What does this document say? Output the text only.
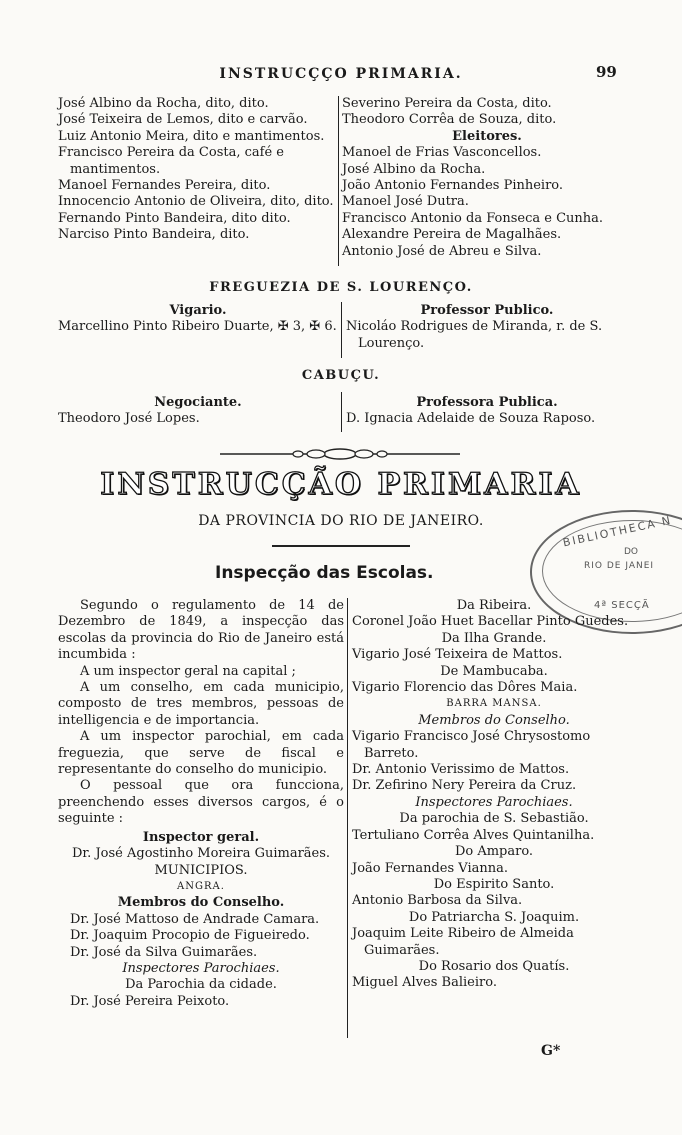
INSTRUCÇÇO PRIMARIA.	99

José Albino da Rocha, dito, dito.

José Teixeira de Lemos, dito e carvão.

Luiz Antonio Meira, dito e mantimentos.

Francisco Pereira da Costa, café e mantimentos.

Manoel Fernandes Pereira, dito.

Innocencio Antonio de Oliveira, dito, dito.

Fernando Pinto Bandeira, dito dito.

Narciso Pinto Bandeira, dito.

Severino Pereira da Costa, dito.

Theodoro Corrêa de Souza, dito.

Eleitores.

Manoel de Frias Vasconcellos.

José Albino da Rocha.

João Antonio Fernandes Pinheiro.

Manoel José Dutra.

Francisco Antonio da Fonseca e Cunha.

Alexandre Pereira de Magalhães.

Antonio José de Abreu e Silva.

FREGUEZIA DE S. LOURENÇO.

Vigario.

Marcellino Pinto Ribeiro Duarte, ✠ 3, ✠ 6.

Professor Publico.

Nicoláo Rodrigues de Miranda, r. de S. Lourenço.

CABUÇU.

Negociante.

Theodoro José Lopes.

Professora Publica.

D. Ignacia Adelaide de Souza Raposo.

INSTRUCÇÃO PRIMARIA
DA PROVINCIA DO RIO DE JANEIRO.
Inspecção das Escolas.
BIBLIOTHECA N
DO
RIO DE JANEI
4ª SECÇÃ

Segundo o regulamento de 14 de Dezembro de 1849, a inspecção das escolas da provincia do Rio de Janeiro está incumbida :

A um inspector geral na capital ;

A um conselho, em cada municipio, composto de tres membros, pessoas de intelligencia e de importancia.

A um inspector parochial, em cada freguezia, que serve de fiscal e representante do conselho do municipio.

O pessoal que ora funcciona, preenchendo esses diversos cargos, é o seguinte :

Inspector geral.

Dr. José Agostinho Moreira Guimarães.

MUNICIPIOS.

ANGRA.

Membros do Conselho.

Dr. José Mattoso de Andrade Camara.

Dr. Joaquim Procopio de Figueiredo.

Dr. José da Silva Guimarães.

Inspectores Parochiaes.

Da Parochia da cidade.

Dr. José Pereira Peixoto.

Da Ribeira.

Coronel João Huet Bacellar Pinto Guedes.

Da Ilha Grande.

Vigario José Teixeira de Mattos.

De Mambucaba.

Vigario Florencio das Dôres Maia.

BARRA MANSA.

Membros do Conselho.

Vigario Francisco José Chrysostomo Barreto.

Dr. Antonio Verissimo de Mattos.

Dr. Zefirino Nery Pereira da Cruz.

Inspectores Parochiaes.

Da parochia de S. Sebastião.

Tertuliano Corrêa Alves Quintanilha.

Do Amparo.

João Fernandes Vianna.

Do Espirito Santo.

Antonio Barbosa da Silva.

Do Patriarcha S. Joaquim.

Joaquim Leite Ribeiro de Almeida Guimarães.

Do Rosario dos Quatís.

Miguel Alves Balieiro.

G*
